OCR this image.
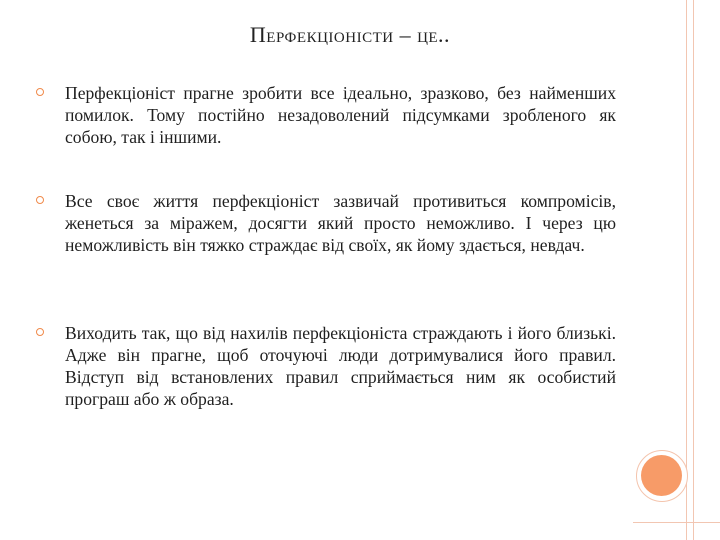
Перфекціоністи – це..
Перфекціоніст прагне зробити все ідеально, зразково, без найменших помилок. Тому постійно незадоволений підсумками зробленого як собою, так і іншими.
Все своє життя перфекціоніст зазвичай противиться компромісів, женеться за міражем, досягти який просто неможливо. І через цю неможливість він тяжко страждає від своїх, як йому здається, невдач.
Виходить так, що від нахилів перфекціоніста страждають і його близькі. Адже він прагне, щоб оточуючі люди дотримувалися його правил. Відступ від встановлених правил сприймається ним як особистий програш або ж образа.
